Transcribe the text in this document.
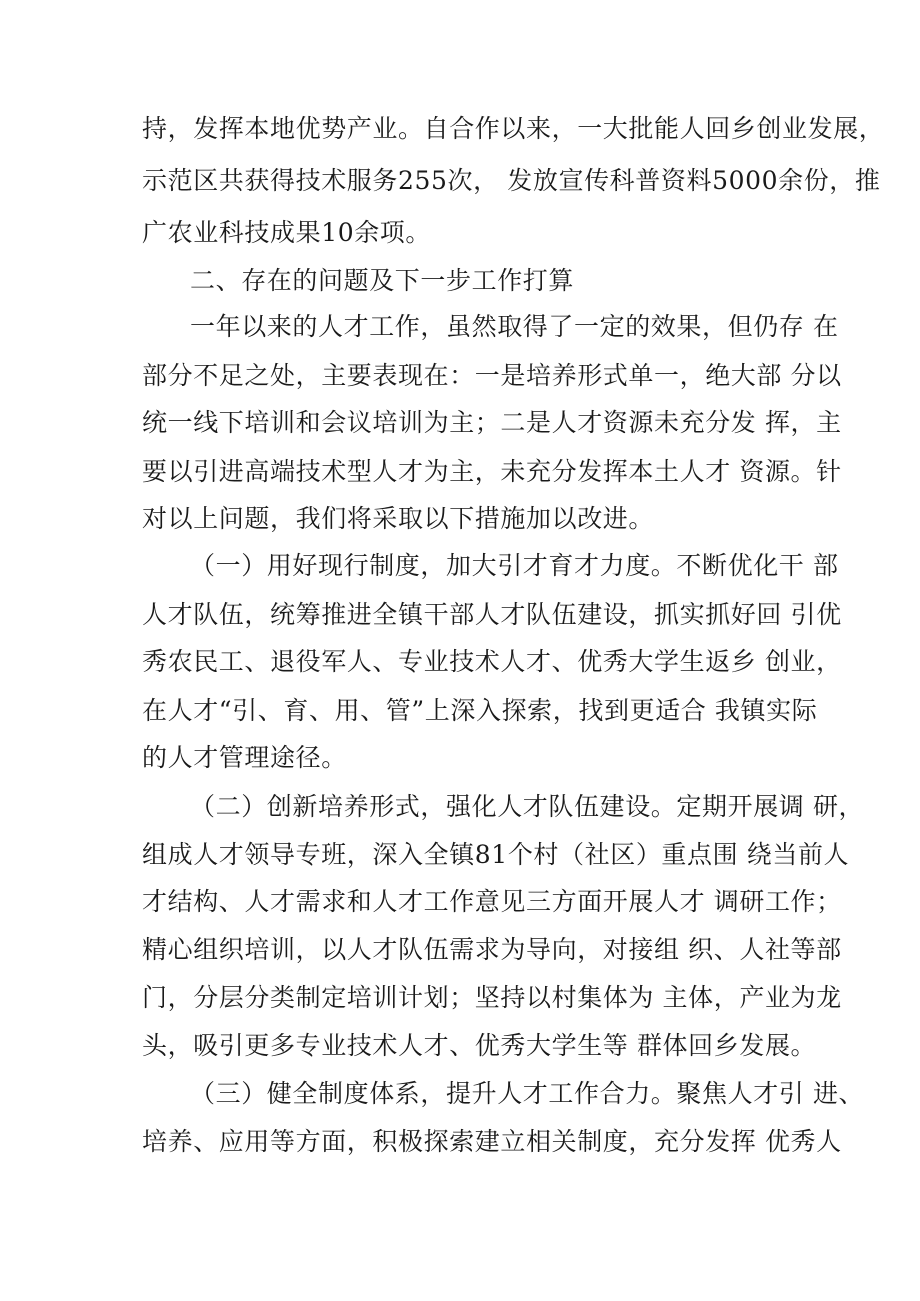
持，发挥本地优势产业。自合作以来，一大批能人回乡创业发展，
示范区共获得技术服务255次， 发放宣传科普资料5000余份，推
广农业科技成果10余项。
二、存在的问题及下一步工作打算
一年以来的人才工作，虽然取得了一定的效果，但仍存 在
部分不足之处，主要表现在：一是培养形式单一，绝大部 分以
统一线下培训和会议培训为主；二是人才资源未充分发 挥，主
要以引进高端技术型人才为主，未充分发挥本土人才 资源。针
对以上问题，我们将采取以下措施加以改进。
（一）用好现行制度，加大引才育才力度。不断优化干 部
人才队伍，统筹推进全镇干部人才队伍建设，抓实抓好回 引优
秀农民工、退役军人、专业技术人才、优秀大学生返乡 创业，
在人才“引、育、用、管”上深入探索，找到更适合 我镇实际
的人才管理途径。
（二）创新培养形式，强化人才队伍建设。定期开展调 研，
组成人才领导专班，深入全镇81个村（社区）重点围 绕当前人
才结构、人才需求和人才工作意见三方面开展人才 调研工作；
精心组织培训，以人才队伍需求为导向，对接组 织、人社等部
门，分层分类制定培训计划；坚持以村集体为 主体，产业为龙
头，吸引更多专业技术人才、优秀大学生等 群体回乡发展。
（三）健全制度体系，提升人才工作合力。聚焦人才引 进、
培养、应用等方面，积极探索建立相关制度，充分发挥 优秀人
